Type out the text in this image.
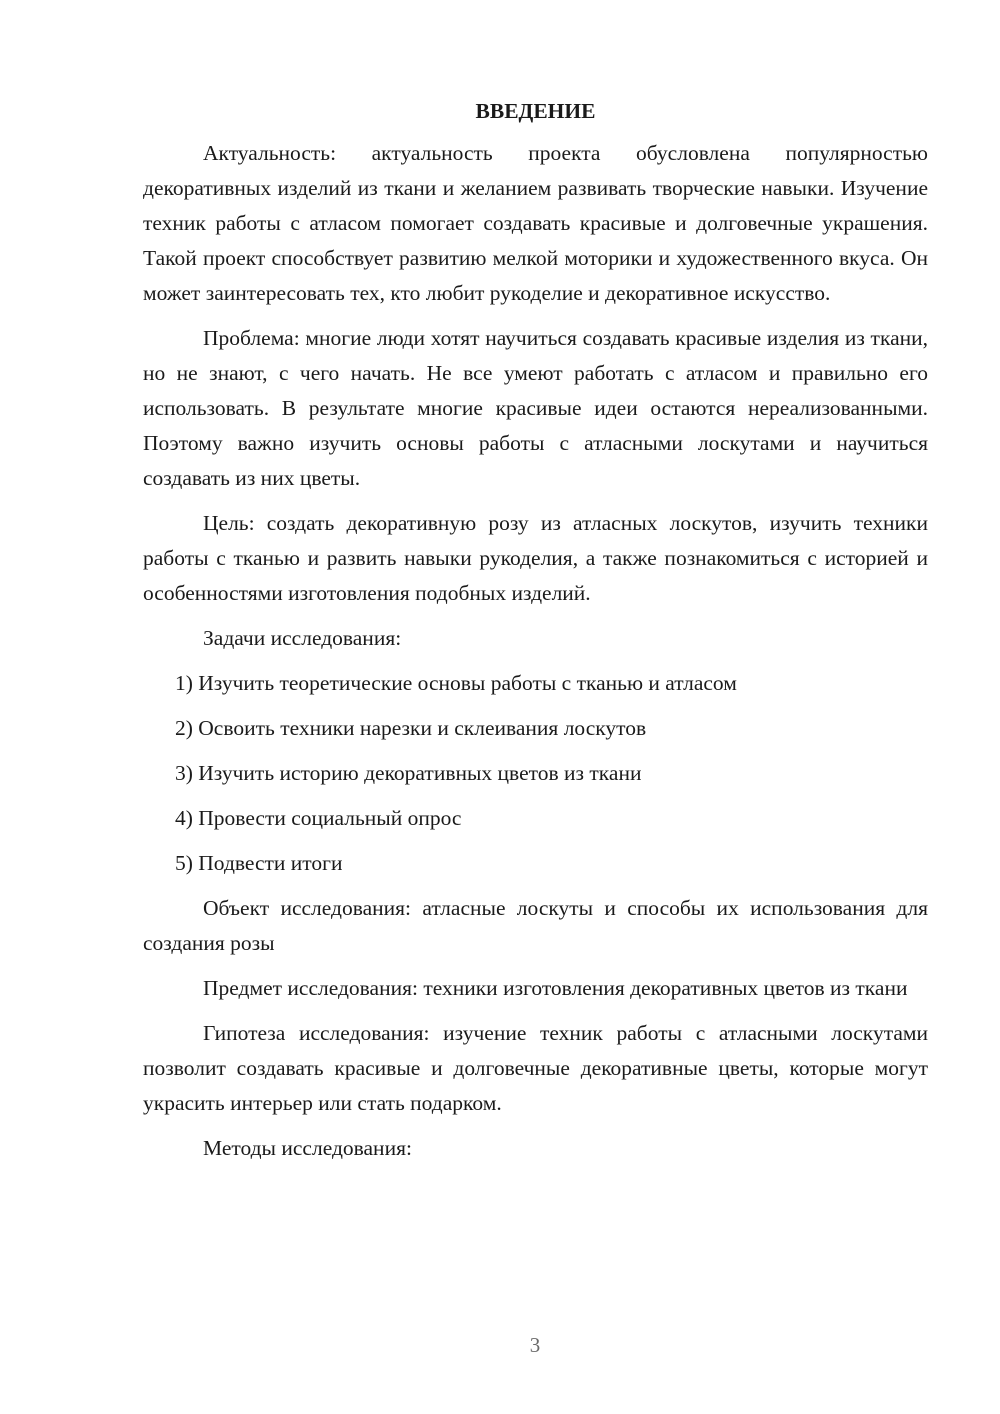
ВВЕДЕНИЕ

Актуальность: актуальность проекта обусловлена популярностью декоративных изделий из ткани и желанием развивать творческие навыки. Изучение техник работы с атласом помогает создавать красивые и долговечные украшения. Такой проект способствует развитию мелкой моторики и художественного вкуса. Он может заинтересовать тех, кто любит рукоделие и декоративное искусство.

Проблема: многие люди хотят научиться создавать красивые изделия из ткани, но не знают, с чего начать. Не все умеют работать с атласом и правильно его использовать. В результате многие красивые идеи остаются нереализованными. Поэтому важно изучить основы работы с атласными лоскутами и научиться создавать из них цветы.

Цель: создать декоративную розу из атласных лоскутов, изучить техники работы с тканью и развить навыки рукоделия, а также познакомиться с историей и особенностями изготовления подобных изделий.

Задачи исследования:
1) Изучить теоретические основы работы с тканью и атласом
2) Освоить техники нарезки и склеивания лоскутов
3) Изучить историю декоративных цветов из ткани
4) Провести социальный опрос
5) Подвести итоги

Объект исследования: атласные лоскуты и способы их использования для создания розы

Предмет исследования: техники изготовления декоративных цветов из ткани

Гипотеза исследования: изучение техник работы с атласными лоскутами позволит создавать красивые и долговечные декоративные цветы, которые могут украсить интерьер или стать подарком.

Методы исследования:
3
